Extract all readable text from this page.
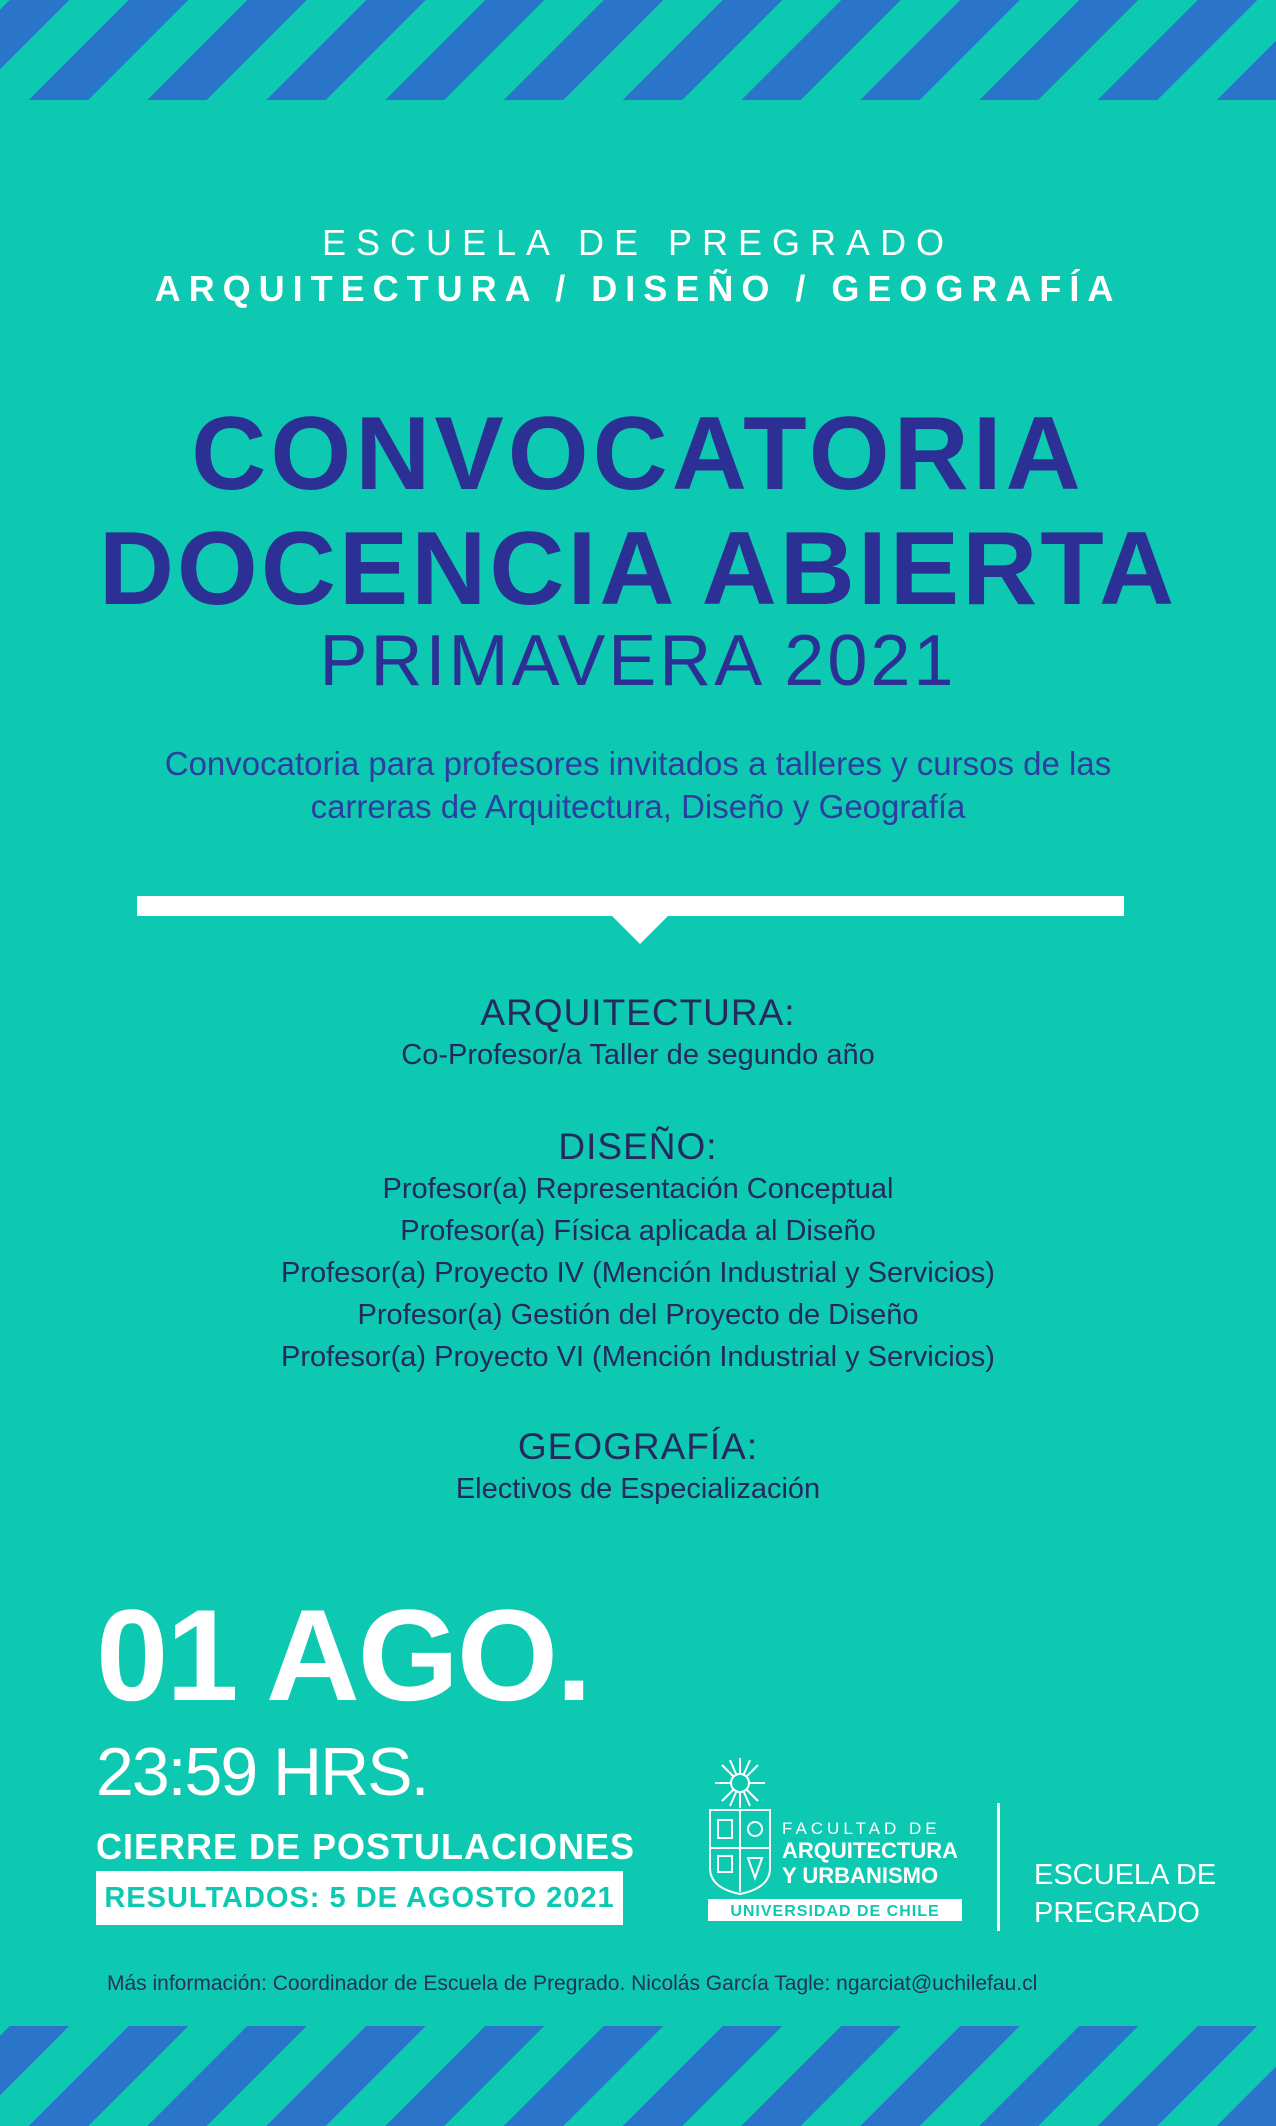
ESCUELA DE PREGRADO
ARQUITECTURA / DISEÑO / GEOGRAFÍA
CONVOCATORIA
DOCENCIA ABIERTA
PRIMAVERA 2021
Convocatoria para profesores invitados a talleres y cursos de las
carreras de Arquitectura, Diseño y Geografía
ARQUITECTURA:
Co-Profesor/a Taller de segundo año
DISEÑO:
Profesor(a) Representación Conceptual
Profesor(a) Física aplicada al Diseño
Profesor(a) Proyecto IV (Mención Industrial y Servicios)
Profesor(a) Gestión del Proyecto de Diseño
Profesor(a) Proyecto VI (Mención Industrial y Servicios)
GEOGRAFÍA:
Electivos de Especialización
01 AGO.
23:59 HRS.
CIERRE DE POSTULACIONES
RESULTADOS: 5 DE AGOSTO 2021
FACULTAD DE
ARQUITECTURA
Y URBANISMO
UNIVERSIDAD DE CHILE
ESCUELA DE
PREGRADO
Más información: Coordinador de Escuela de Pregrado. Nicolás García Tagle: ngarciat@uchilefau.cl
